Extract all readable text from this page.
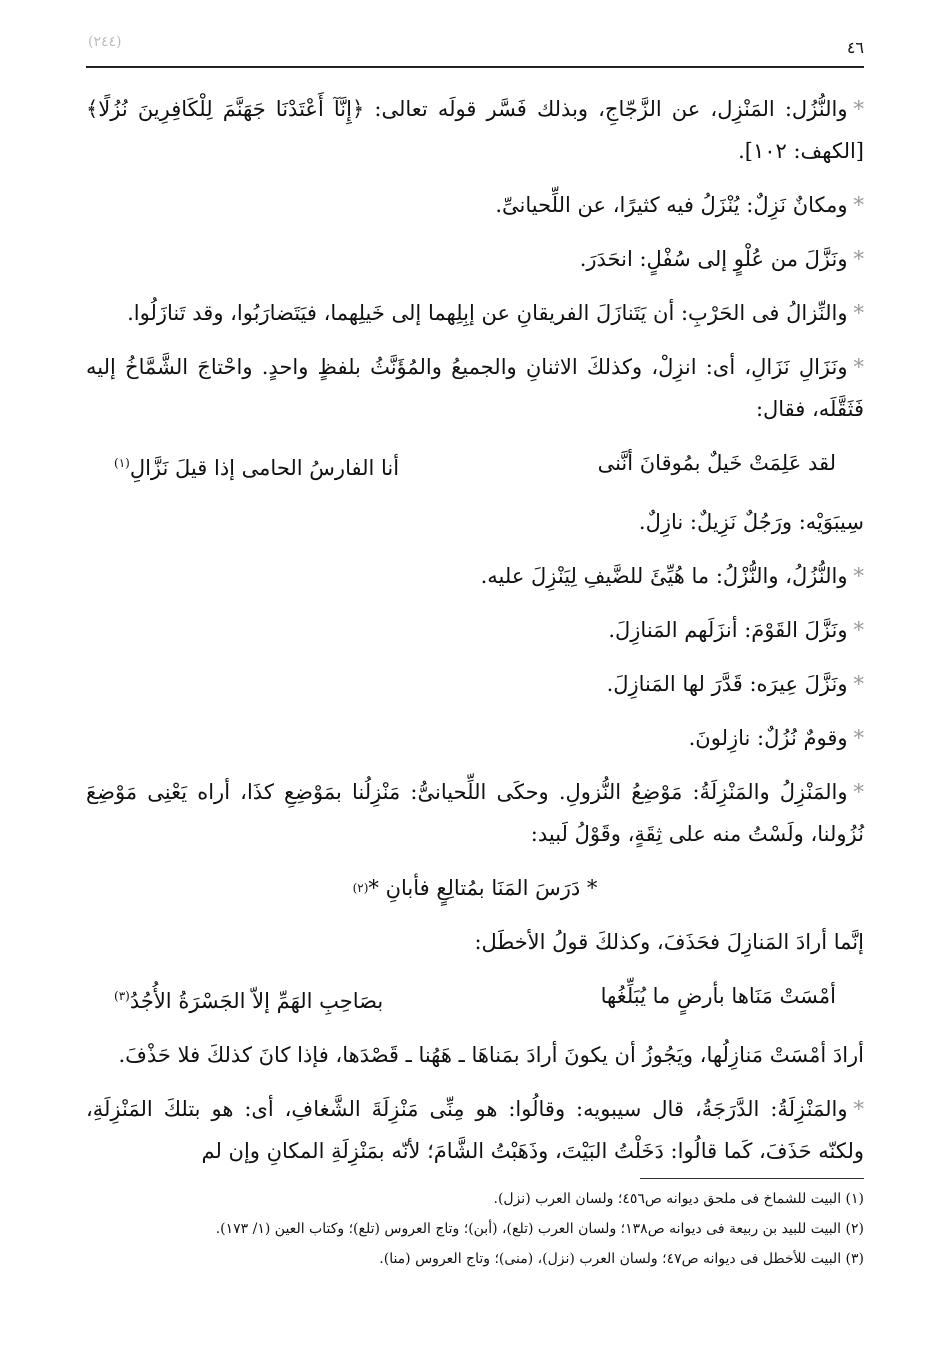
(٢٤٤)	٤٦

*والنُّزُل: المَنْزِل، عن الزَّجّاجِ، وبذلك فَسَّر قولَه تعالى: ﴿إِنَّآ أَعْتَدْنَا جَهَنَّمَ لِلْكَافِرِينَ نُزُلًا﴾ [الكهف: ١٠٢].

*ومكانٌ نَزِلٌ: يُنْزَلُ فيه كثيرًا، عن اللِّحيانىِّ.

*ونَزَّلَ من عُلْوٍ إلى سُفْلٍ: انحَدَرَ.

*والنِّزالُ فى الحَرْبِ: أن يَتَنازَلَ الفريقانِ عن إبِلِهما إلى خَيلِهما، فيَتَضارَبُوا، وقد تَنازَلُوا.

*ونَزَالِ نَزَالِ، أى: انزِلْ، وكذلكَ الاثنانِ والجميعُ والمُؤَنَّثُ بلفظٍ واحدٍ. واحْتاجَ الشَّمَّاخُ إليه فَثَقَّلَه، فقال:

لقد عَلِمَتْ خَيلٌ بمُوقانَ أنَّنى
أنا الفارسُ الحامى إذا قيلَ نَزَّالِ$^{(١)}$

سِيبَوَيْه: ورَجُلٌ نَزِيلٌ: نازِلٌ.

*والنُّزُلُ، والنُّزْلُ: ما هُيِّئَ للضَّيفِ لِيَنْزِلَ عليه.

*ونَزَّلَ القَوْمَ: أنزَلَهم المَنازِلَ.

*ونَزَّلَ عِيرَه: قَدَّرَ لها المَنازِلَ.

*وقومٌ نُزُلٌ: نازِلونَ.

*والمَنْزِلُ والمَنْزِلَةُ: مَوْضِعُ النُّزولِ. وحكَى اللِّحيانىُّ: مَنْزِلُنا بمَوْضِعِ كذَا، أراه يَعْنِى مَوْضِعَ نُزُولنا، ولَسْتُ منه على ثِقَةٍ، وقَوْلُ لَبيد:

* دَرَسَ المَنَا بمُتالِعٍ فأبانِ *
(٢)

إنَّما أرادَ المَنازِلَ فحَذَفَ، وكذلكَ قولُ الأخطَل:

أمْسَتْ مَنَاها بأرضٍ ما يُبَلِّغُها
بصَاحِبِ الهَمِّ إلاّ الجَسْرَةُ الأُجُدُ$^{(٣)}$

أرادَ أمْسَتْ مَنازِلُها، ويَجُوزُ أن يكونَ أرادَ بمَناهَا ـ هَهُنا ـ قَصْدَها، فإذا كانَ كذلكَ فلا حَذْفَ.

*والمَنْزِلَةُ: الدَّرَجَةُ، قال سيبويه: وقالُوا: هو مِنِّى مَنْزِلَةَ الشَّغافِ، أى: هو بتلكَ المَنْزِلَةِ، ولكنّه حَذَفَ، كَما قالُوا: دَخَلْتُ البَيْتَ، وذَهَبْتُ الشَّامَ؛ لأنّه بمَنْزِلَةِ المكانِ وإن لم

(١) البيت للشماخ فى ملحق ديوانه ص٤٥٦؛ ولسان العرب (نزل).

(٢) البيت للبيد بن ربيعة فى ديوانه ص١٣٨؛ ولسان العرب (تلع)، (أبن)؛ وتاج العروس (تلع)؛ وكتاب العين (١/ ١٧٣).

(٣) البيت للأخطل فى ديوانه ص٤٧؛ ولسان العرب (نزل)، (منى)؛ وتاج العروس (منا).
